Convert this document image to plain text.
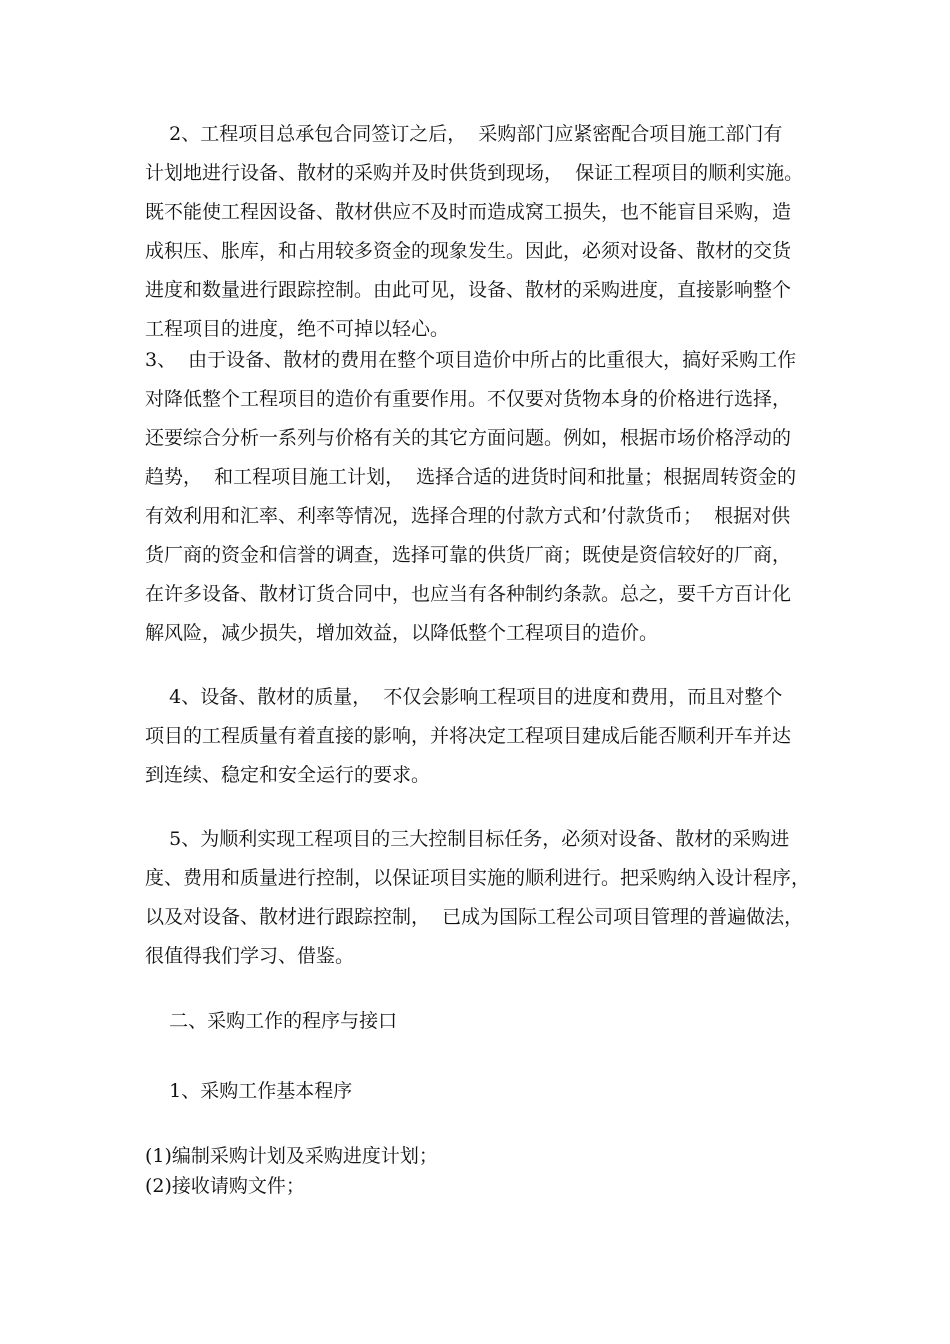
2、工程项目总承包合同签订之后，  采购部门应紧密配合项目施工部门有
计划地进行设备、散材的采购并及时供货到现场，  保证工程项目的顺利实施。
既不能使工程因设备、散材供应不及时而造成窝工损失，也不能盲目采购，造
成积压、胀库，和占用较多资金的现象发生。因此，必须对设备、散材的交货
进度和数量进行跟踪控制。由此可见，设备、散材的采购进度，直接影响整个
工程项目的进度，绝不可掉以轻心。
3、  由于设备、散材的费用在整个项目造价中所占的比重很大，搞好采购工作
对降低整个工程项目的造价有重要作用。不仅要对货物本身的价格进行选择，
还要综合分析一系列与价格有关的其它方面问题。例如，根据市场价格浮动的
趋势，  和工程项目施工计划，  选择合适的进货时间和批量；根据周转资金的
有效利用和汇率、利率等情况，选择合理的付款方式和’付款货币；  根据对供
货厂商的资金和信誉的调查，选择可靠的供货厂商；既使是资信较好的厂商，
在许多设备、散材订货合同中，也应当有各种制约条款。总之，要千方百计化
解风险，减少损失，增加效益，以降低整个工程项目的造价。
4、设备、散材的质量，  不仅会影响工程项目的进度和费用，而且对整个
项目的工程质量有着直接的影响，并将决定工程项目建成后能否顺利开车并达
到连续、稳定和安全运行的要求。
5、为顺利实现工程项目的三大控制目标任务，必须对设备、散材的采购进
度、费用和质量进行控制，以保证项目实施的顺利进行。把采购纳入设计程序，
以及对设备、散材进行跟踪控制，  已成为国际工程公司项目管理的普遍做法，
很值得我们学习、借鉴。
二、采购工作的程序与接口
1、采购工作基本程序
(1)编制采购计划及采购进度计划；
(2)接收请购文件；
